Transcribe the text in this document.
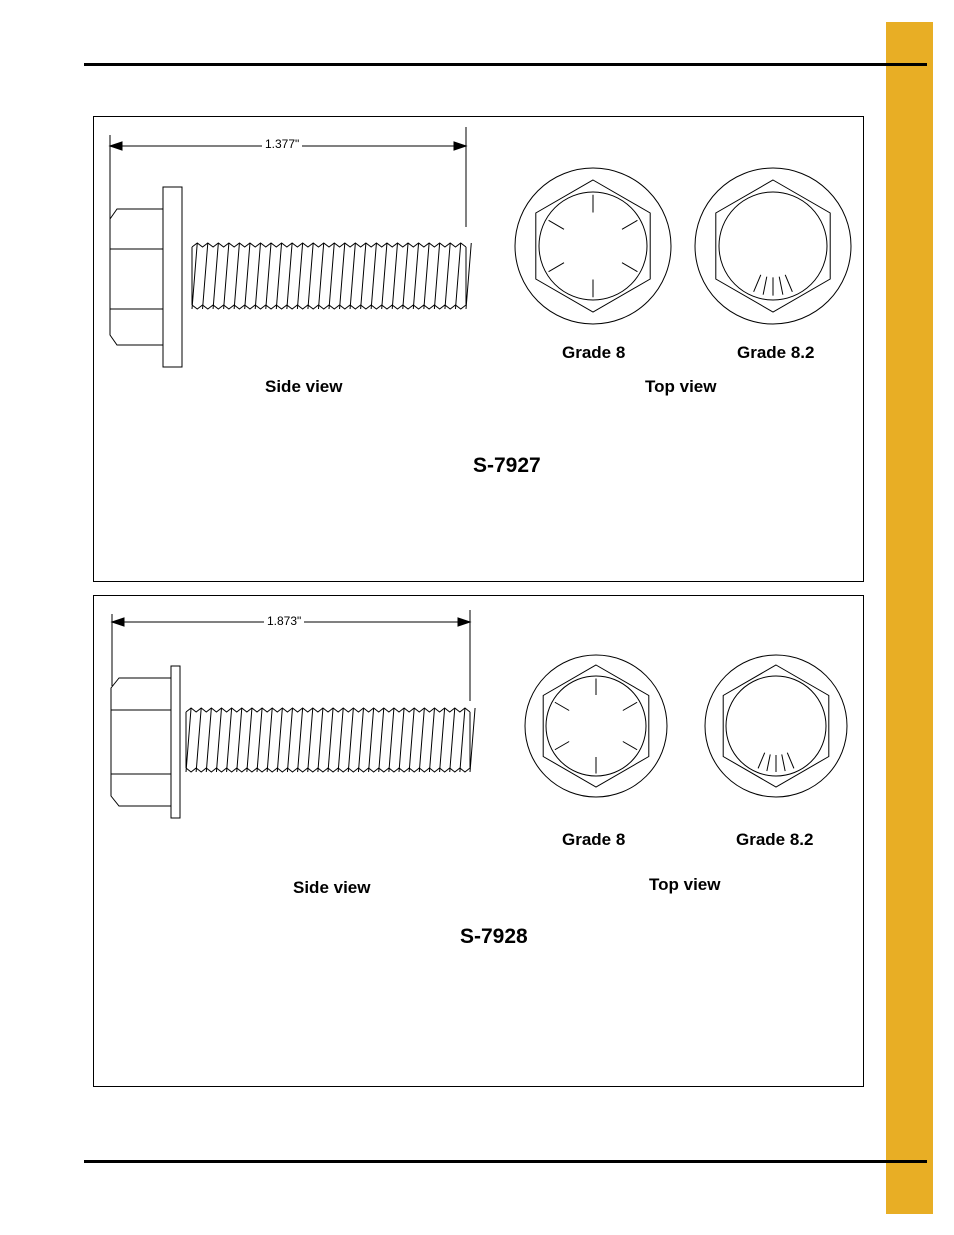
1.377"
Grade 8	Grade 8.2
Side view	Top view
S-7927
1.873"
Grade 8	Grade 8.2
Side view	Top view
S-7928
